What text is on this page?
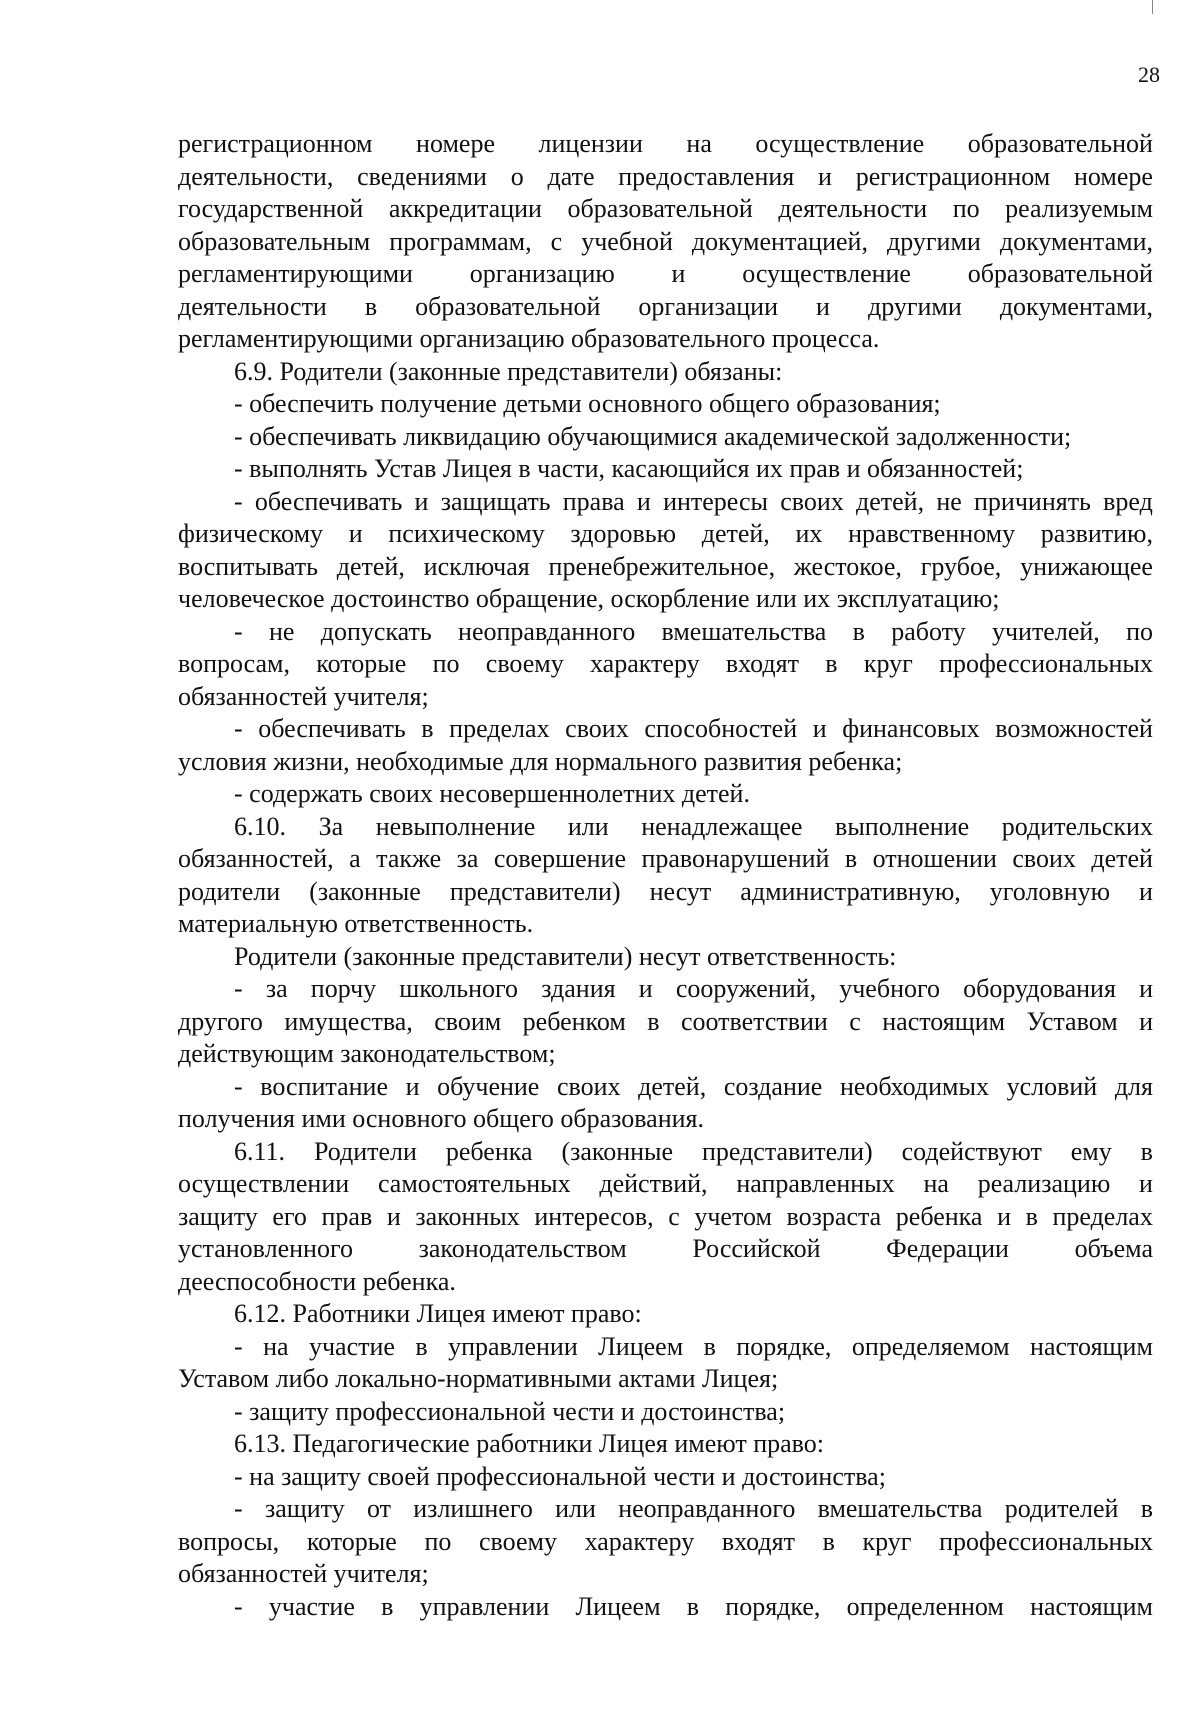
28
регистрационном номере лицензии на осуществление образовательной
деятельности, сведениями о дате предоставления и регистрационном номере
государственной аккредитации образовательной деятельности по реализуемым
образовательным программам, с учебной документацией, другими документами,
регламентирующими организацию и осуществление образовательной
деятельности в образовательной организации и другими документами,
регламентирующими организацию образовательного процесса.
6.9. Родители (законные представители) обязаны:
- обеспечить получение детьми основного общего образования;
- обеспечивать ликвидацию обучающимися академической задолженности;
- выполнять Устав Лицея в части, касающийся их прав и обязанностей;
- обеспечивать и защищать права и интересы своих детей, не причинять вред
физическому и психическому здоровью детей, их нравственному развитию,
воспитывать детей, исключая пренебрежительное, жестокое, грубое, унижающее
человеческое достоинство обращение, оскорбление или их эксплуатацию;
- не допускать неоправданного вмешательства в работу учителей, по
вопросам, которые по своему характеру входят в круг профессиональных
обязанностей учителя;
- обеспечивать в пределах своих способностей и финансовых возможностей
условия жизни, необходимые для нормального развития ребенка;
- содержать своих несовершеннолетних детей.
6.10. За невыполнение или ненадлежащее выполнение родительских
обязанностей, а также за совершение правонарушений в отношении своих детей
родители (законные представители) несут административную, уголовную и
материальную ответственность.
Родители (законные представители) несут ответственность:
- за порчу школьного здания и сооружений, учебного оборудования и
другого имущества, своим ребенком в соответствии с настоящим Уставом и
действующим законодательством;
- воспитание и обучение своих детей, создание необходимых условий для
получения ими основного общего образования.
6.11. Родители ребенка (законные представители) содействуют ему в
осуществлении самостоятельных действий, направленных на реализацию и
защиту его прав и законных интересов, с учетом возраста ребенка и в пределах
установленного	законодательством	Российской	Федерации	объема
дееспособности ребенка.
6.12. Работники Лицея имеют право:
- на участие в управлении Лицеем в порядке, определяемом настоящим
Уставом либо локально-нормативными актами Лицея;
- защиту профессиональной чести и достоинства;
6.13. Педагогические работники Лицея имеют право:
- на защиту своей профессиональной чести и достоинства;
- защиту от излишнего или неоправданного вмешательства родителей в
вопросы, которые по своему характеру входят в круг профессиональных
обязанностей учителя;
- участие в управлении Лицеем в порядке, определенном настоящим
